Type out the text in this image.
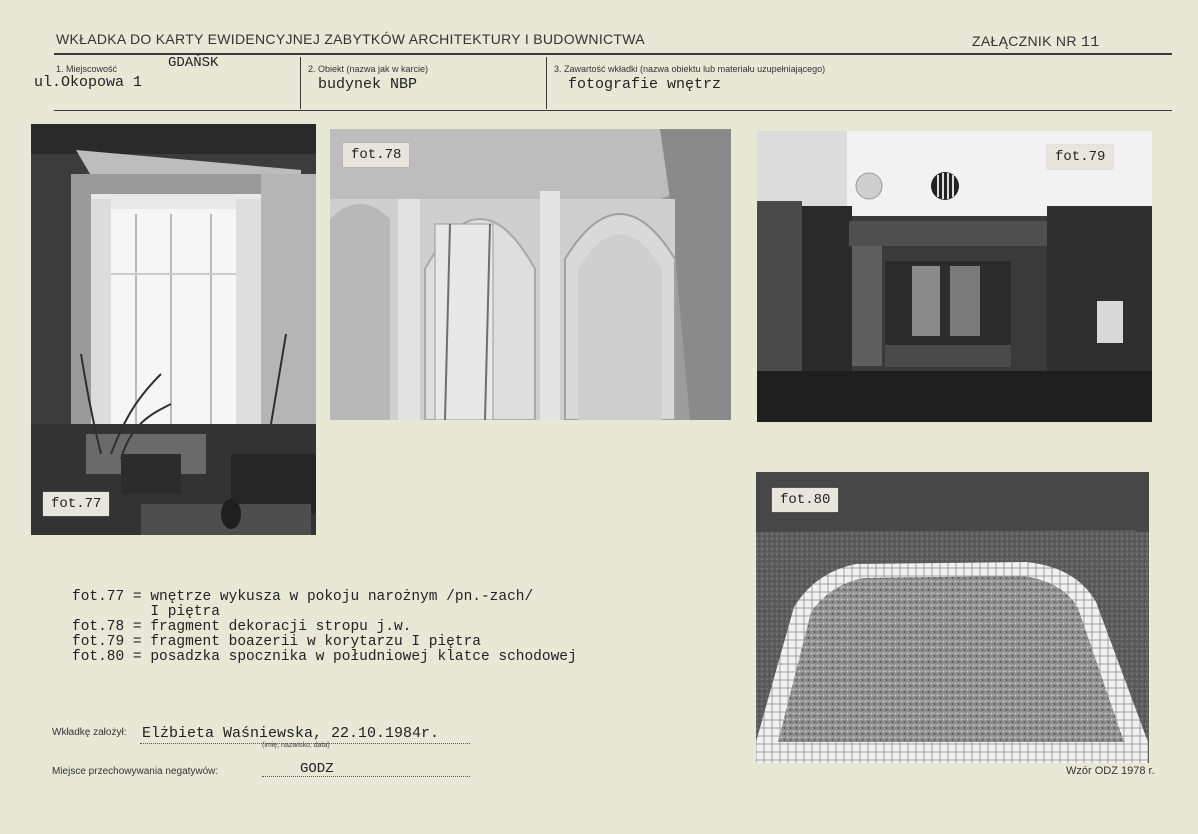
WKŁADKA DO KARTY EWIDENCYJNEJ ZABYTKÓW ARCHITEKTURY I BUDOWNICTWA	ZAŁĄCZNIK NR 11
1. Miejscowość	GDAŃSK
ul.Okopowa 1
2. Obiekt (nazwa jak w karcie)
budynek NBP
3. Zawartość wkładki (nazwa obiektu lub materiału uzupełniającego)
fotografie wnętrz
fot.77
fot.78	fot.79
fot.80
fot.77 = wnętrze wykusza w pokoju narożnym /pn.-zach/
I piętra
fot.78 = fragment dekoracji stropu j.w.
fot.79 = fragment boazerii w korytarzu I piętra
fot.80 = posadzka spocznika w południowej klatce schodowej
Wkładkę założył: Elżbieta Waśniewska, 22.10.1984r.
(imię, nazwisko, data)
Miejsce przechowywania negatywów:	GODZ	Wzór ODZ 1978 r.
